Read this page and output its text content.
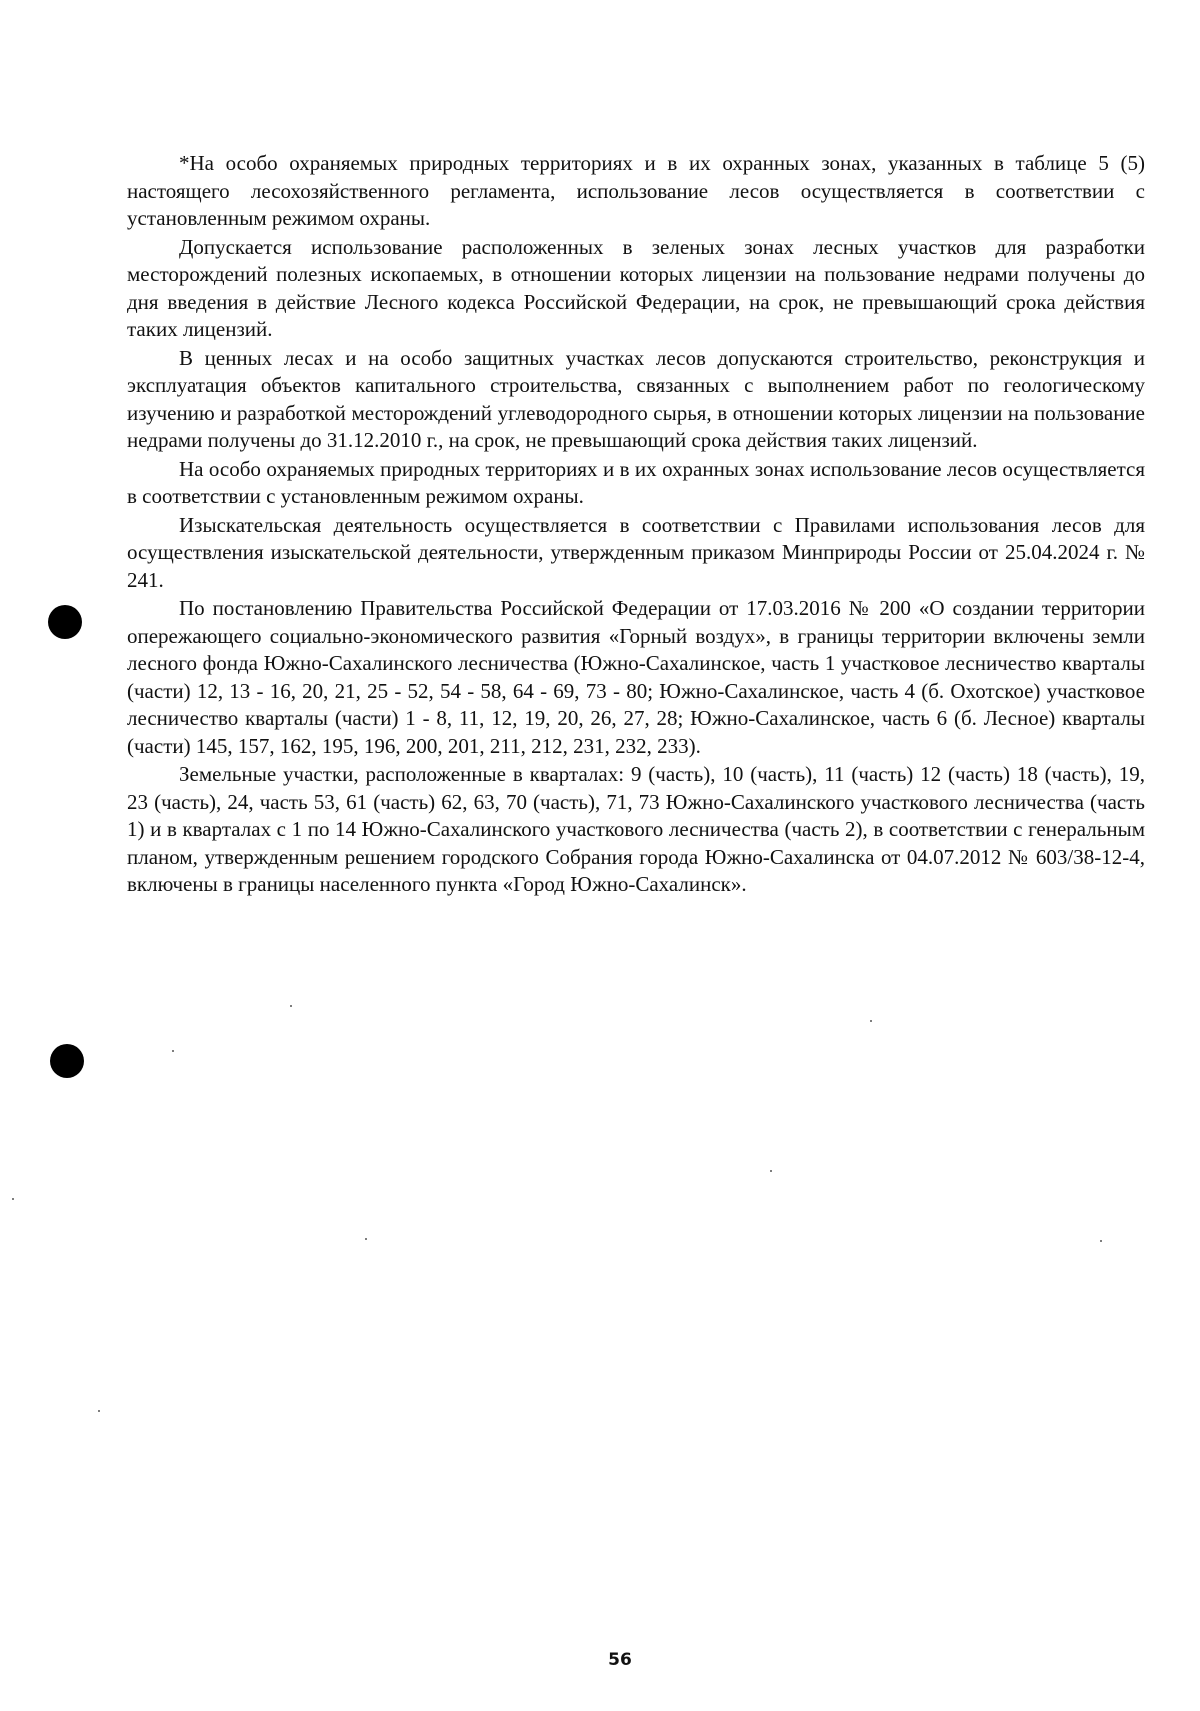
*На особо охраняемых природных территориях и в их охранных зонах, указанных в таблице 5 (5) настоящего лесохозяйственного регламента, использование лесов осуществляется в соответствии с установленным режимом охраны.

Допускается использование расположенных в зеленых зонах лесных участков для разработки месторождений полезных ископаемых, в отношении которых лицензии на пользование недрами получены до дня введения в действие Лесного кодекса Российской Федерации, на срок, не превышающий срока действия таких лицензий.

В ценных лесах и на особо защитных участках лесов допускаются строительство, реконструкция и эксплуатация объектов капитального строительства, связанных с выполнением работ по геологическому изучению и разработкой месторождений углеводородного сырья, в отношении которых лицензии на пользование недрами получены до 31.12.2010 г., на срок, не превышающий срока действия таких лицензий.

На особо охраняемых природных территориях и в их охранных зонах использование лесов осуществляется в соответствии с установленным режимом охраны.

Изыскательская деятельность осуществляется в соответствии с Правилами использования лесов для осуществления изыскательской деятельности, утвержденным приказом Минприроды России от 25.04.2024 г. № 241.

По постановлению Правительства Российской Федерации от 17.03.2016 № 200 «О создании территории опережающего социально-экономического развития «Горный воздух», в границы территории включены земли лесного фонда Южно-Сахалинского лесничества (Южно-Сахалинское, часть 1 участковое лесничество кварталы (части) 12, 13 - 16, 20, 21, 25 - 52, 54 - 58, 64 - 69, 73 - 80; Южно-Сахалинское, часть 4 (б. Охотское) участковое лесничество кварталы (части) 1 - 8, 11, 12, 19, 20, 26, 27, 28; Южно-Сахалинское, часть 6 (б. Лесное) кварталы (части) 145, 157, 162, 195, 196, 200, 201, 211, 212, 231, 232, 233).

Земельные участки, расположенные в кварталах: 9 (часть), 10 (часть), 11 (часть) 12 (часть) 18 (часть), 19, 23 (часть), 24, часть 53, 61 (часть) 62, 63, 70 (часть), 71, 73 Южно-Сахалинского участкового лесничества (часть 1) и в кварталах с 1 по 14 Южно-Сахалинского участкового лесничества (часть 2), в соответствии с генеральным планом, утвержденным решением городского Собрания города Южно-Сахалинска от 04.07.2012 № 603/38-12-4, включены в границы населенного пункта «Город Южно-Сахалинск».

56
